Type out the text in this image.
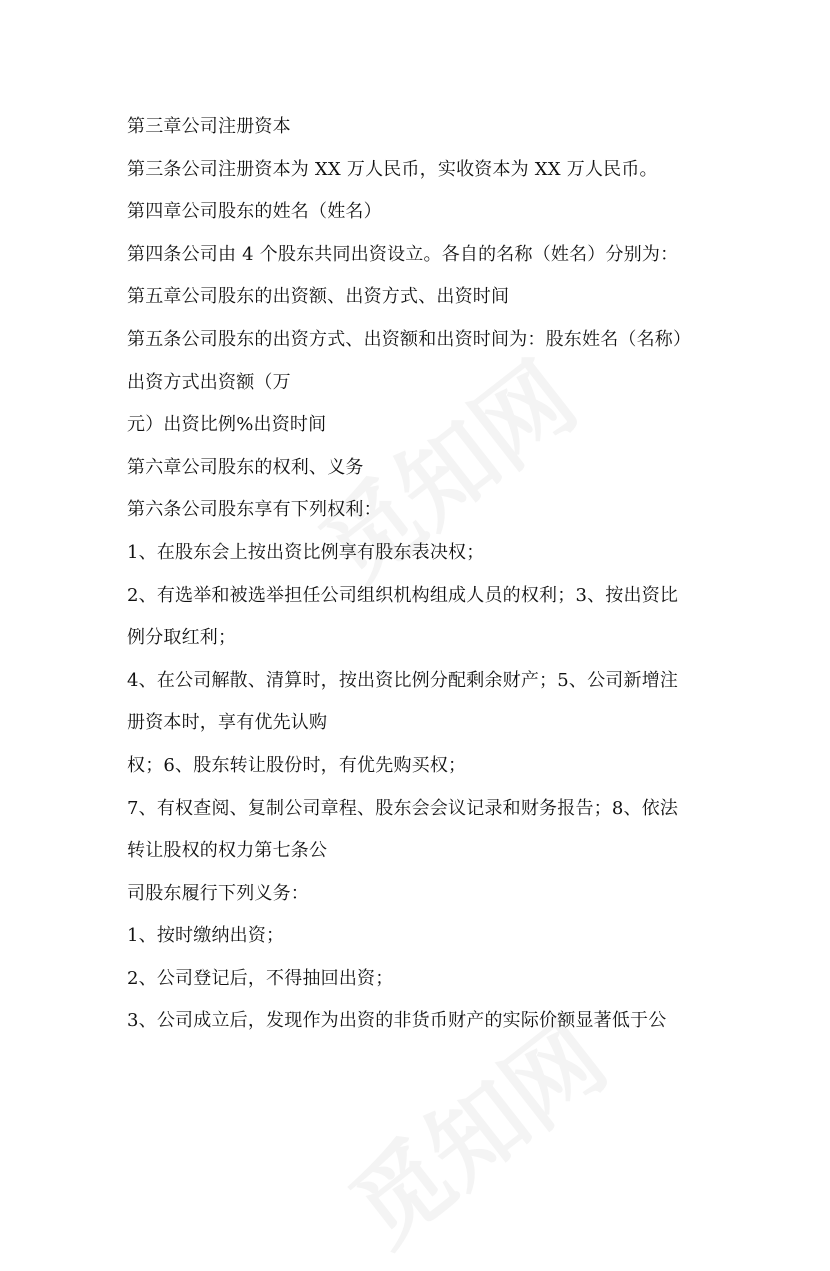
第三章公司注册资本
第三条公司注册资本为 XX 万人民币，实收资本为 XX 万人民币。
第四章公司股东的姓名（姓名）
第四条公司由 4 个股东共同出资设立。各自的名称（姓名）分别为：
第五章公司股东的出资额、出资方式、出资时间
第五条公司股东的出资方式、出资额和出资时间为：股东姓名（名称）
出资方式出资额（万
元）出资比例%出资时间
第六章公司股东的权利、义务
第六条公司股东享有下列权利：
1、在股东会上按出资比例享有股东表决权；
2、有选举和被选举担任公司组织机构组成人员的权利；3、按出资比
例分取红利；
4、在公司解散、清算时，按出资比例分配剩余财产；5、公司新增注
册资本时，享有优先认购
权；6、股东转让股份时，有优先购买权；
7、有权查阅、复制公司章程、股东会会议记录和财务报告；8、依法
转让股权的权力第七条公
司股东履行下列义务：
1、按时缴纳出资；
2、公司登记后，不得抽回出资；
3、公司成立后，发现作为出资的非货币财产的实际价额显著低于公
